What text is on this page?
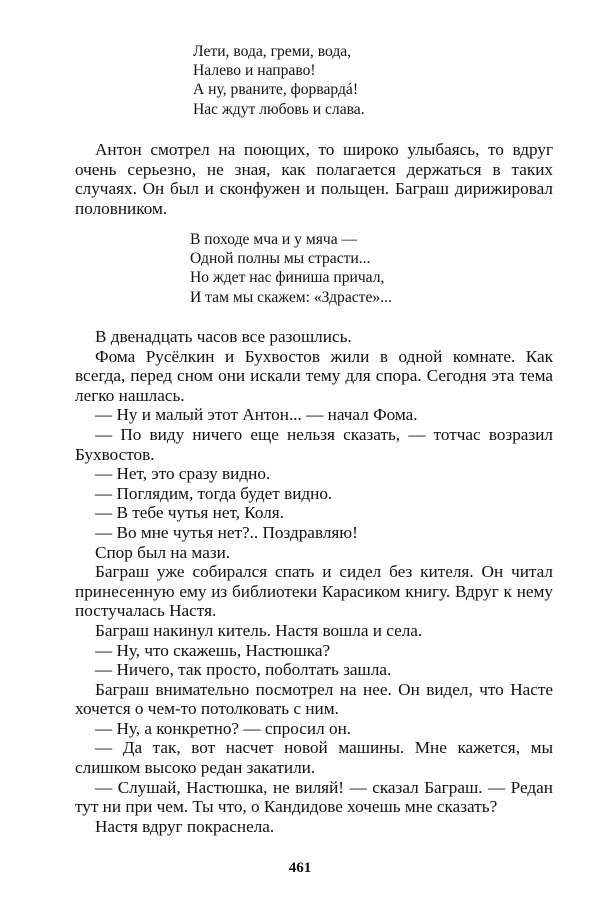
Лети, вода, греми, вода,
Налево и направо!
А ну, рваните, форвардá!
Нас ждут любовь и слава.

Антон смотрел на поющих, то широко улыбаясь, то вдруг очень серьезно, не зная, как полагается держаться в таких случаях. Он был и сконфужен и польщен. Баграш дирижировал половником.

В походе мча и у мяча —
Одной полны мы страсти...
Но ждет нас финиша причал,
И там мы скажем: «Здрасте»...

В двенадцать часов все разошлись.

Фома Русёлкин и Бухвостов жили в одной комнате. Как всегда, перед сном они искали тему для спора. Сегодня эта тема легко нашлась.

— Ну и малый этот Антон... — начал Фома.

— По виду ничего еще нельзя сказать, — тотчас возразил Бухвостов.

— Нет, это сразу видно.

— Поглядим, тогда будет видно.

— В тебе чутья нет, Коля.

— Во мне чутья нет?.. Поздравляю!

Спор был на мази.

Баграш уже собирался спать и сидел без кителя. Он читал принесенную ему из библиотеки Карасиком книгу. Вдруг к нему постучалась Настя.

Баграш накинул китель. Настя вошла и села.

— Ну, что скажешь, Настюшка?

— Ничего, так просто, поболтать зашла.

Баграш внимательно посмотрел на нее. Он видел, что Насте хочется о чем-то потолковать с ним.

— Ну, а конкретно? — спросил он.

— Да так, вот насчет новой машины. Мне кажется, мы слишком высоко редан закатили.

— Слушай, Настюшка, не виляй! — сказал Баграш. — Редан тут ни при чем. Ты что, о Кандидове хочешь мне сказать?

Настя вдруг покраснела.

461
